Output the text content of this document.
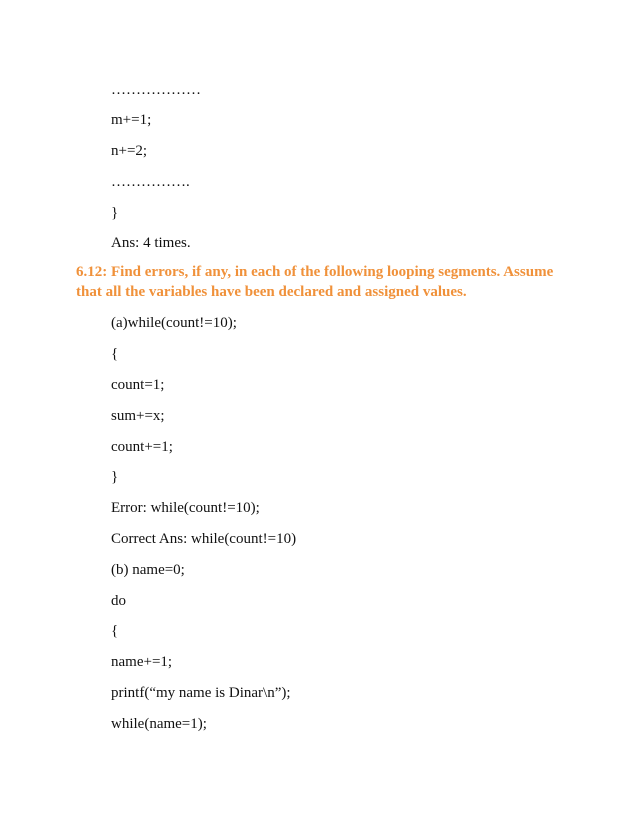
………………
m+=1;
n+=2;
…………….
}
Ans: 4 times.
6.12: Find errors, if any, in each of the following looping segments. Assume
that all the variables have been declared and assigned values.
(a)while(count!=10);
{
count=1;
sum+=x;
count+=1;
}
Error: while(count!=10);
Correct Ans: while(count!=10)
(b) name=0;
do
{
name+=1;
printf(“my name is Dinar\n”);
while(name=1);
